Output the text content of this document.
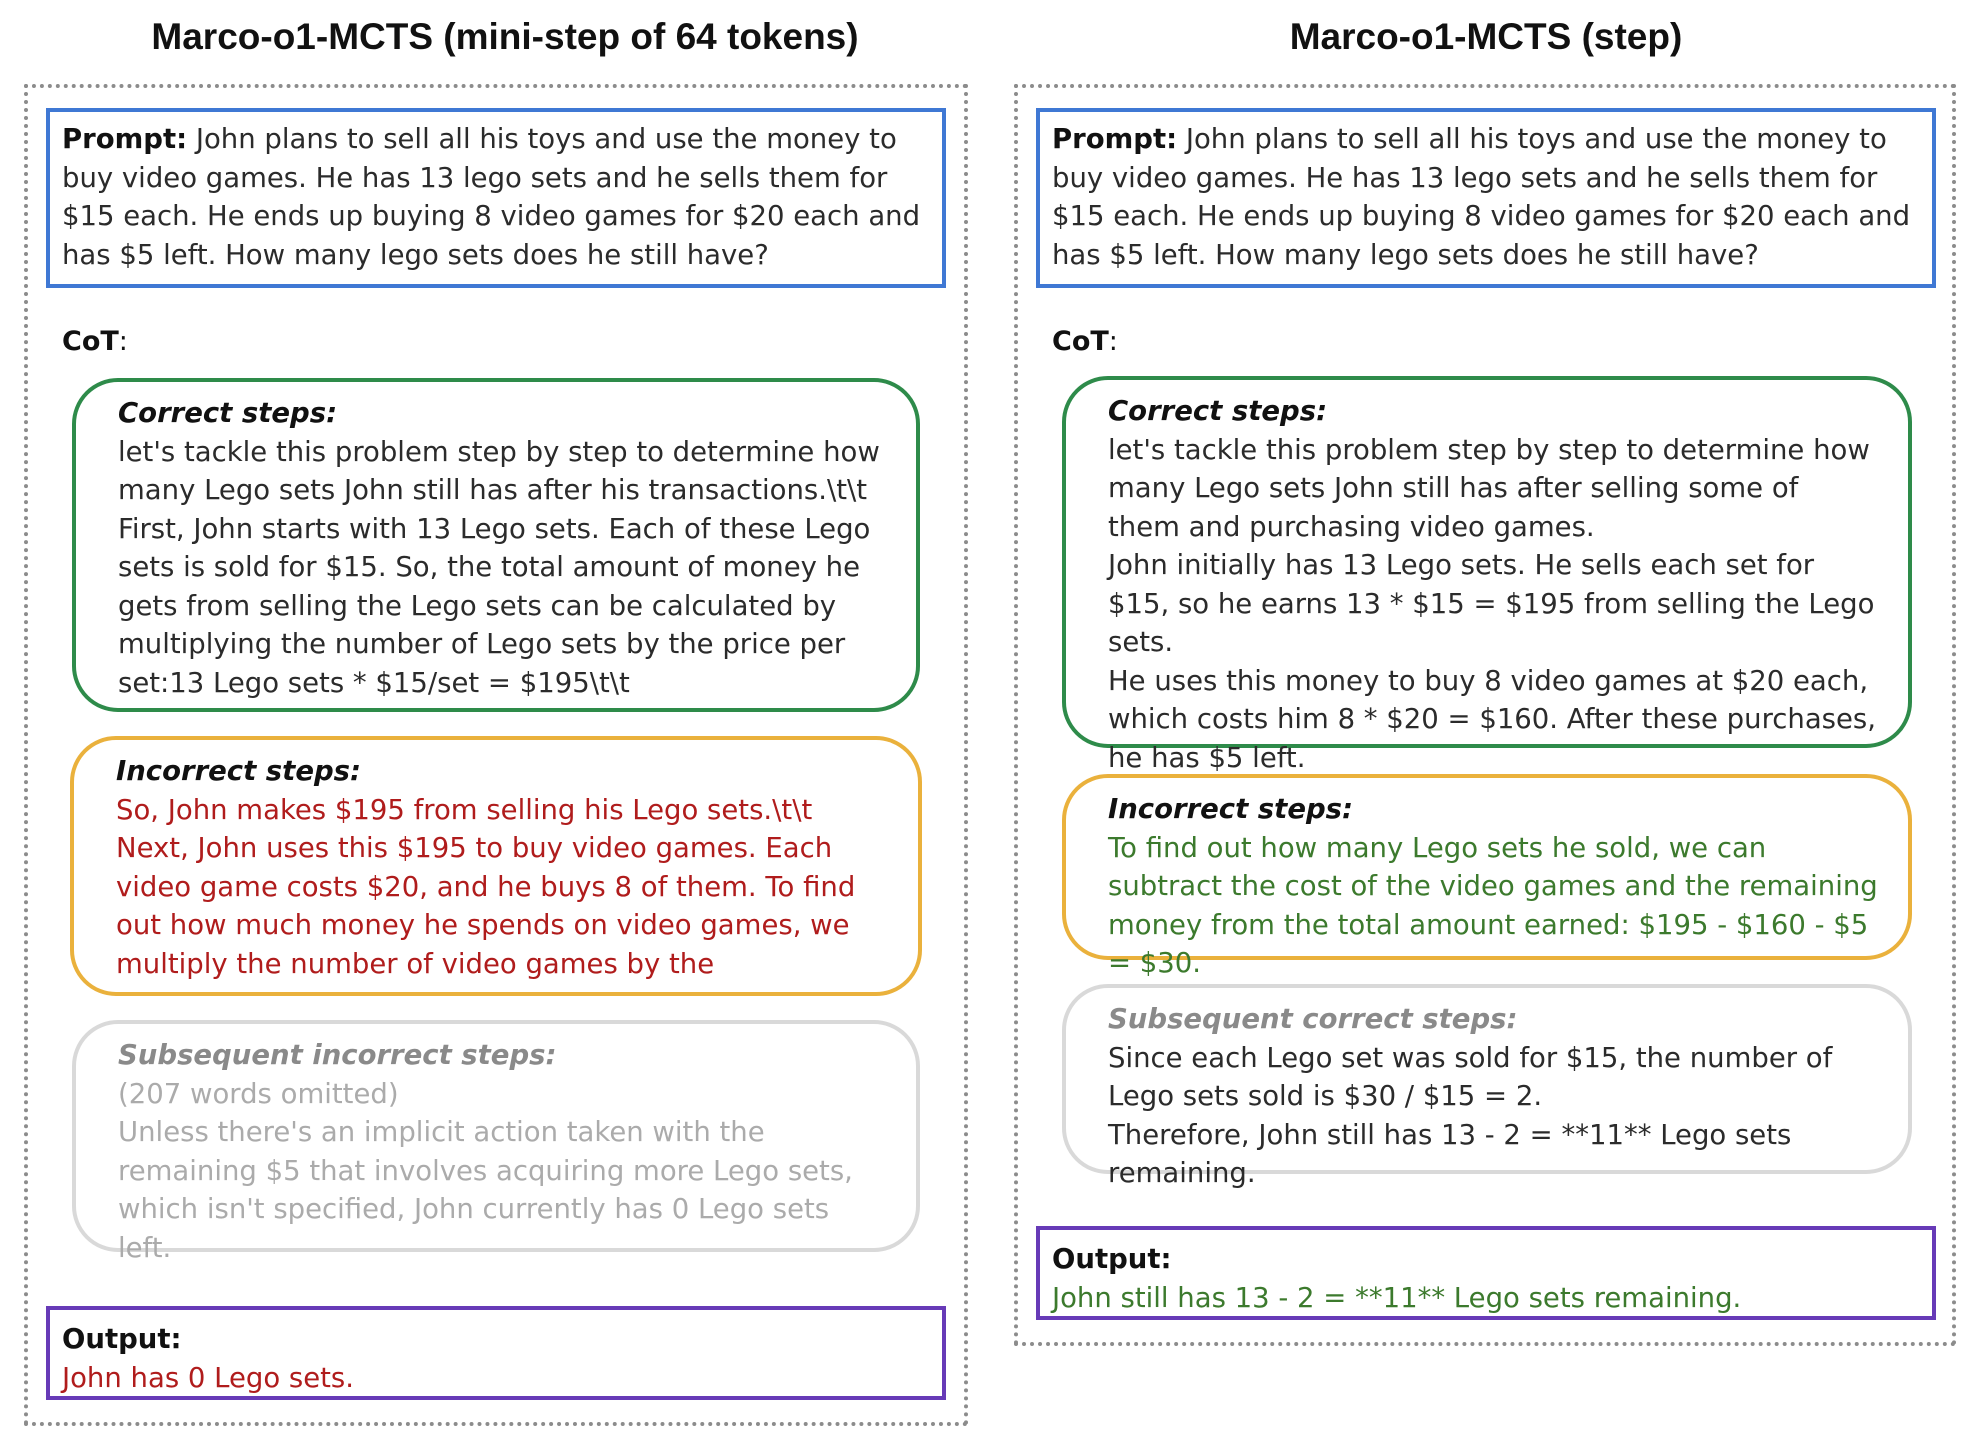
Marco-o1-MCTS (mini-step of 64 tokens)
Prompt: John plans to sell all his toys and use the money to buy video games. He has 13 lego sets and he sells them for $15 each. He ends up buying 8 video games for $20 each and has $5 left. How many lego sets does he still have?
CoT:
Correct steps:
let's tackle this problem step by step to determine how many Lego sets John still has after his transactions.\t\t
First, John starts with 13 Lego sets. Each of these Lego sets is sold for $15. So, the total amount of money he gets from selling the Lego sets can be calculated by multiplying the number of Lego sets by the price per set:13 Lego sets * $15/set = $195\t\t
Incorrect steps:
So, John makes $195 from selling his Lego sets.\t\t
Next, John uses this $195 to buy video games. Each video game costs $20, and he buys 8 of them. To find out how much money he spends on video games, we multiply the number of video games by the
Subsequent incorrect steps:
(207 words omitted)
Unless there's an implicit action taken with the remaining $5 that involves acquiring more Lego sets, which isn't specified, John currently has 0 Lego sets left.
Output:
John has 0 Lego sets.
Marco-o1-MCTS (step)
Prompt: John plans to sell all his toys and use the money to buy video games. He has 13 lego sets and he sells them for $15 each. He ends up buying 8 video games for $20 each and has $5 left. How many lego sets does he still have?
CoT:
Correct steps:
let's tackle this problem step by step to determine how many Lego sets John still has after selling some of them and purchasing video games.
John initially has 13 Lego sets. He sells each set for $15, so he earns 13 * $15 = $195 from selling the Lego sets.
He uses this money to buy 8 video games at $20 each, which costs him 8 * $20 = $160. After these purchases, he has $5 left.
Incorrect steps:
To find out how many Lego sets he sold, we can subtract the cost of the video games and the remaining money from the total amount earned: $195 - $160 - $5 = $30.
Subsequent correct steps:
Since each Lego set was sold for $15, the number of Lego sets sold is $30 / $15 = 2.
Therefore, John still has 13 - 2 = **11** Lego sets remaining.
Output:
John still has 13 - 2 = **11** Lego sets remaining.
